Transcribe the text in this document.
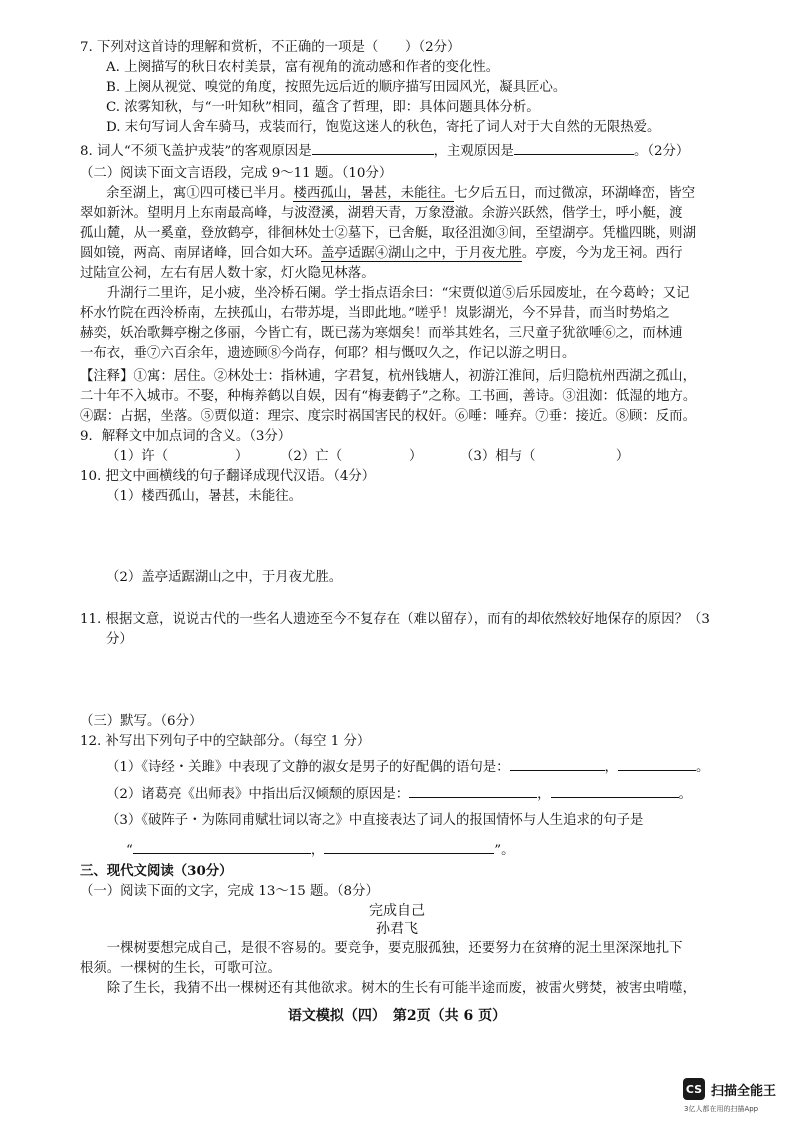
7. 下列对这首诗的理解和赏析，不正确的一项是（　　）（2分）
A. 上阕描写的秋日农村美景，富有视角的流动感和作者的变化性。
B. 上阕从视觉、嗅觉的角度，按照先远后近的顺序描写田园风光，凝具匠心。
C. 浓雾知秋，与“一叶知秋”相同，蕴含了哲理，即：具体问题具体分析。
D. 末句写词人舍车骑马，戎装而行，饱览这迷人的秋色，寄托了词人对于大自然的无限热爱。
8. 词人“不须飞盖护戎装”的客观原因是	，主观原因是	。（2分）
（二）阅读下面文言语段，完成 9～11 题。（10分）
余至湖上，寓①四可楼已半月。楼西孤山，暑甚，未能往。七夕后五日，而过微凉，环湖峰峦，皆空
翠如新沐。望明月上东南最高峰，与波澄溪，湖碧天青，万象澄澈。余游兴跃然，偕学士，呼小艇，渡
孤山麓，从一奚童，登放鹤亭，徘徊林处士②墓下，已舍艇，取径沮洳③间，至望湖亭。凭槛四眺，则湖
圆如镜，两高、南屏诸峰，回合如大环。盖亭适踞④湖山之中，于月夜尤胜。亭废，今为龙王祠。西行
过陆宣公祠，左右有居人数十家，灯火隐见林落。
　　升湖行二里许，足小疲，坐冷桥石阑。学士指点语余曰：“宋贾似道⑤后乐园废址，在今葛岭；又记
杯水竹院在西泠桥南，左挟孤山，右带苏堤，当即此地。”嗟乎！岚影湖光，今不异昔，而当时势焰之
赫奕，妖冶歌舞亭榭之侈丽，今皆亡有，既已荡为寒烟矣！而举其姓名，三尺童子犹欲唾⑥之，而林逋
一布衣，垂⑦六百余年，遗迹顾⑧今尚存，何耶？相与慨叹久之，作记以游之明日。
【注释】①寓：居住。②林处士：指林逋，字君复，杭州钱塘人，初游江淮间，后归隐杭州西湖之孤山，
二十年不入城市。不娶，种梅养鹤以自娱，因有“梅妻鹤子”之称。工书画，善诗。③沮洳：低湿的地方。
④踞：占据，坐落。⑤贾似道：理宗、度宗时祸国害民的权奸。⑥唾：唾弃。⑦垂：接近。⑧顾：反而。
9．解释文中加点词的含义。（3分）
（1）许（　　　　　） （2）亡（　　　　　）	（3）相与（　　　　　　）
10. 把文中画横线的句子翻译成现代汉语。（4分）
（1）楼西孤山，暑甚，未能往。
（2）盖亭适踞湖山之中，于月夜尤胜。
11. 根据文意，说说古代的一些名人遗迹至今不复存在（难以留存），而有的却依然较好地保存的原因？（3
分）
（三）默写。（6分）
12. 补写出下列句子中的空缺部分。（每空 1 分）
（1）《诗经・关雎》中表现了文静的淑女是男子的好配偶的语句是：	，	。
（2）诸葛亮《出师表》中指出后汉倾颓的原因是：	，	。
（3）《破阵子・为陈同甫赋壮词以寄之》中直接表达了词人的报国情怀与人生追求的句子是
“	，	”。
三、现代文阅读（30分）
（一）阅读下面的文字，完成 13～15 题。（8分）
完成自己
孙君飞
　　一棵树要想完成自己，是很不容易的。要竞争，要克服孤独，还要努力在贫瘠的泥土里深深地扎下
根须。一棵树的生长，可歌可泣。
　　除了生长，我猜不出一棵树还有其他欲求。树木的生长有可能半途而废，被雷火劈焚，被害虫啃噬，
语文模拟（四）　第2页（共 6 页）
CS 扫描全能王
3亿人都在用的扫描App
